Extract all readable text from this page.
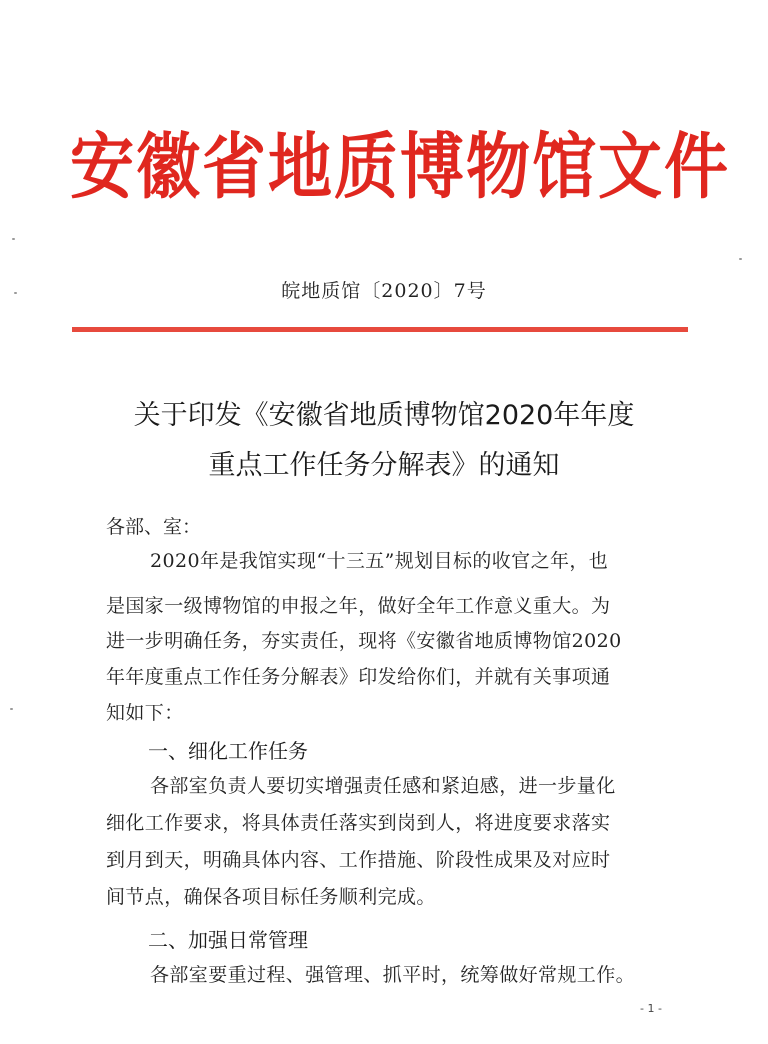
安徽省地质博物馆文件
皖地质馆〔2020〕7号
关于印发《安徽省地质博物馆2020年年度
重点工作任务分解表》的通知
各部、室：
2020年是我馆实现“十三五”规划目标的收官之年，也
是国家一级博物馆的申报之年，做好全年工作意义重大。为
进一步明确任务，夯实责任，现将《安徽省地质博物馆2020
年年度重点工作任务分解表》印发给你们，并就有关事项通
知如下：
一、细化工作任务
各部室负责人要切实增强责任感和紧迫感，进一步量化
细化工作要求，将具体责任落实到岗到人，将进度要求落实
到月到天，明确具体内容、工作措施、阶段性成果及对应时
间节点，确保各项目标任务顺利完成。
二、加强日常管理
各部室要重过程、强管理、抓平时，统筹做好常规工作。
- 1 -
